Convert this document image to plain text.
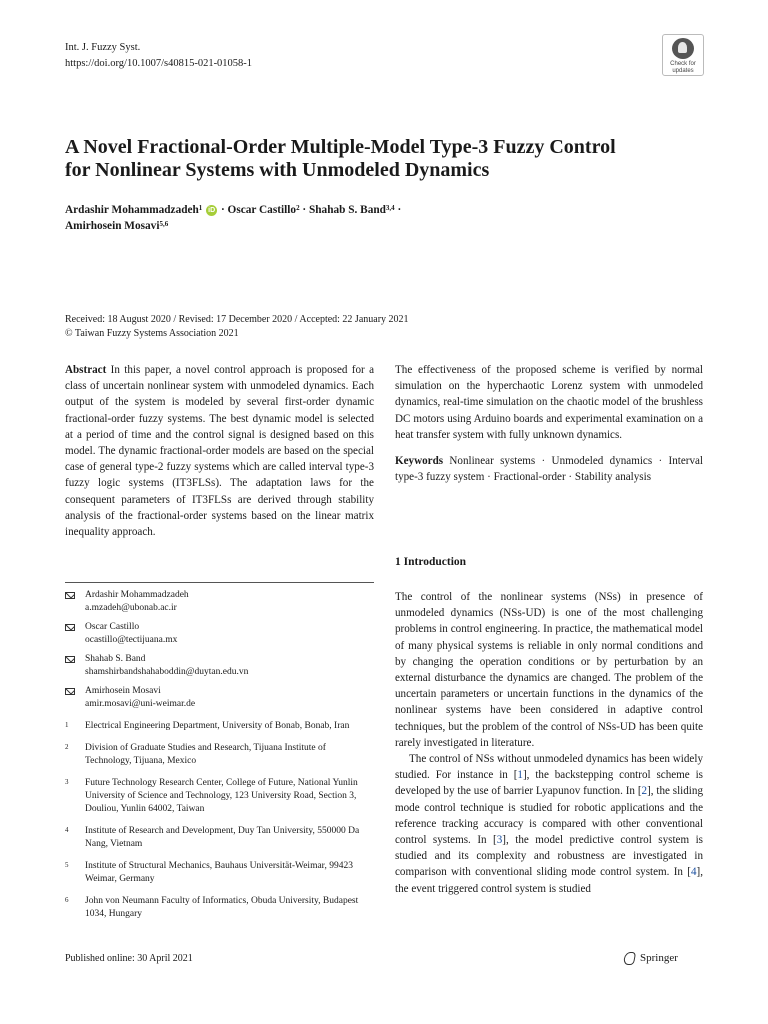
Int. J. Fuzzy Syst.
https://doi.org/10.1007/s40815-021-01058-1	Check for updates
A Novel Fractional-Order Multiple-Model Type-3 Fuzzy Control
for Nonlinear Systems with Unmodeled Dynamics
Ardashir Mohammadzadeh$^1$ iD · Oscar Castillo$^2$ · Shahab S. Band$^{3,4}$ ·
Amirhosein Mosavi$^{5,6}$
Received: 18 August 2020 / Revised: 17 December 2020 / Accepted: 22 January 2021
© Taiwan Fuzzy Systems Association 2021

Abstract In this paper, a novel control approach is proposed for a class of uncertain nonlinear system with unmodeled dynamics. Each output of the system is modeled by several first-order dynamic fractional-order fuzzy systems. The best dynamic model is selected at a period of time and the control signal is designed based on this model. The dynamic fractional-order models are based on the special case of general type-2 fuzzy systems which are called interval type-3 fuzzy logic systems (IT3FLSs). The adaptation laws for the consequent parameters of IT3FLSs are derived through stability analysis of the fractional-order systems based on the linear matrix inequality approach.

Ardashir Mohammadzadeh
a.mzadeh@ubonab.ac.ir
Oscar Castillo
ocastillo@tectijuana.mx
Shahab S. Band
shamshirbandshahaboddin@duytan.edu.vn
Amirhosein Mosavi
amir.mosavi@uni-weimar.de
1	Electrical Engineering Department, University of Bonab, Bonab, Iran
2	Division of Graduate Studies and Research, Tijuana Institute of Technology, Tijuana, Mexico
3	Future Technology Research Center, College of Future, National Yunlin University of Science and Technology, 123 University Road, Section 3, Douliou, Yunlin 64002, Taiwan
4	Institute of Research and Development, Duy Tan University, 550000 Da Nang, Vietnam
5	Institute of Structural Mechanics, Bauhaus Universität-Weimar, 99423 Weimar, Germany
6	John von Neumann Faculty of Informatics, Obuda University, Budapest 1034, Hungary

The effectiveness of the proposed scheme is verified by normal simulation on the hyperchaotic Lorenz system with unmodeled dynamics, real-time simulation on the chaotic model of the brushless DC motors using Arduino boards and experimental examination on a heat transfer system with fully unknown dynamics.

Keywords Nonlinear systems · Unmodeled dynamics · Interval type-3 fuzzy system · Fractional-order · Stability analysis

1 Introduction

The control of the nonlinear systems (NSs) in presence of unmodeled dynamics (NSs-UD) is one of the most challenging problems in control engineering. In practice, the mathematical model of many physical systems is reliable in only normal conditions and by changing the operation conditions or by perturbation by an external disturbance the dynamics are changed. The problem of the uncertain parameters or uncertain functions in the dynamics of the nonlinear systems have been considered in adaptive control techniques, but the problem of the control of NSs-UD has been quite rarely investigated in literature.

The control of NSs without unmodeled dynamics has been widely studied. For instance in [1], the backstepping control scheme is developed by the use of barrier Lyapunov function. In [2], the sliding mode control technique is studied for robotic applications and the reference tracking accuracy is compared with other conventional control systems. In [3], the model predictive control system is studied and its complexity and robustness are investigated in comparison with conventional sliding mode control system. In [4], the event triggered control system is studied

Published online: 30 April 2021	Springer
